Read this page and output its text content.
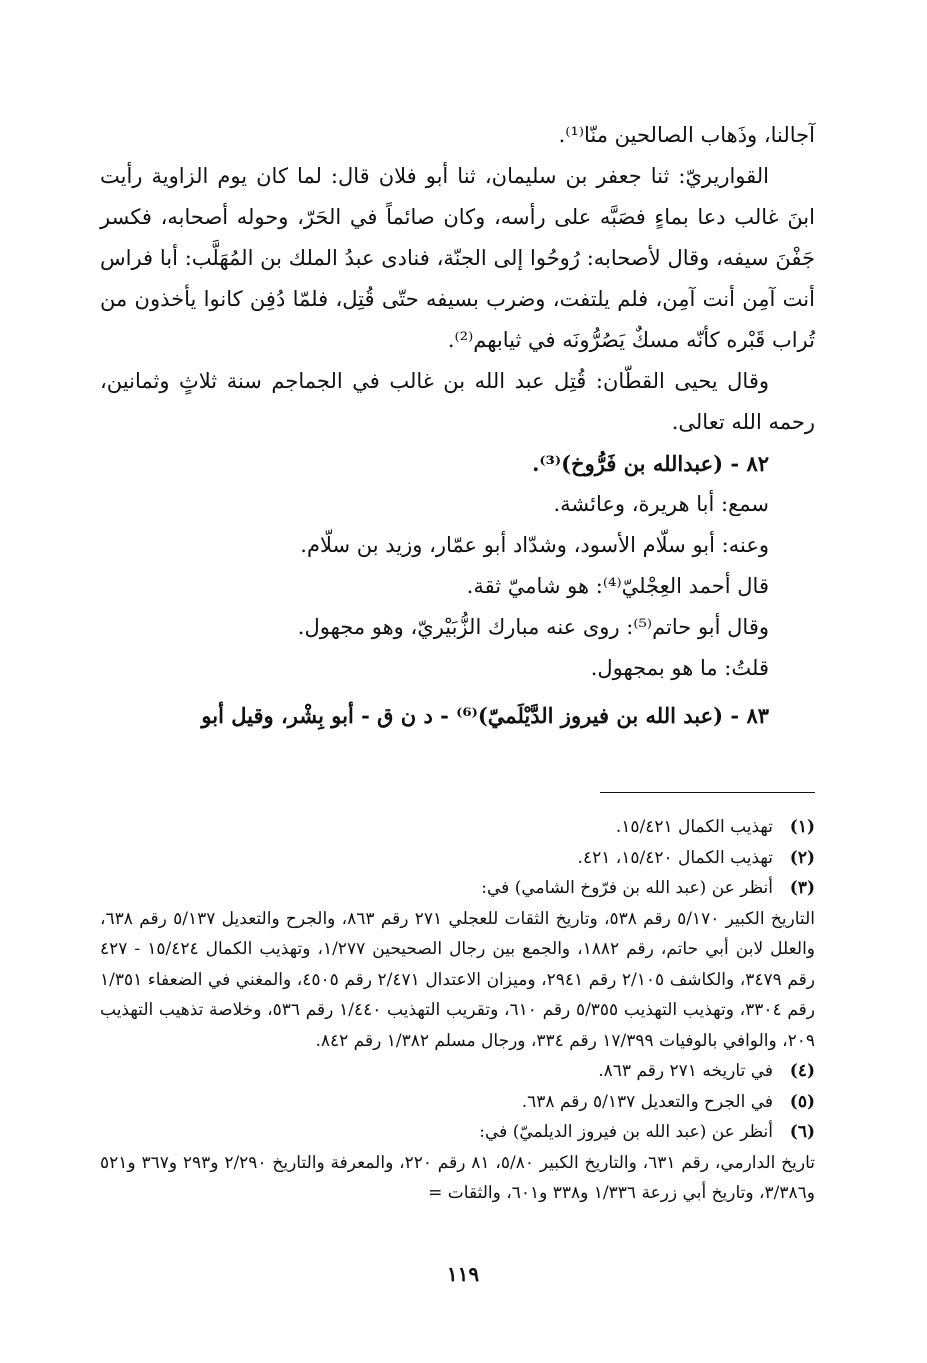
آجالنا، وذَهاب الصالحين منّا⁽¹⁾.

القواريريّ: ثنا جعفر بن سليمان، ثنا أبو فلان قال: لما كان يوم الزاوية رأيت ابنَ غالب دعا بماءٍ فصَبَّه على رأسه، وكان صائماً في الحَرّ، وحوله أصحابه، فكسر جَفْنَ سيفه، وقال لأصحابه: رُوحُوا إلى الجنّة، فنادى عبدُ الملك بن المُهَلَّب: أبا فراس أنت آمِن أنت آمِن، فلم يلتفت، وضرب بسيفه حتّى قُتِل، فلمّا دُفِن كانوا يأخذون من تُراب قَبْره كأنّه مسكٌ يَصُرُّونَه في ثيابهم⁽²⁾.

وقال يحيى القطّان: قُتِل عبد الله بن غالب في الجماجم سنة ثلاثٍ وثمانين، رحمه الله تعالى.

٨٢ - (عبدالله بن فَرُّوخ)⁽³⁾.

سمع: أبا هريرة، وعائشة.

وعنه: أبو سلّام الأسود، وشدّاد أبو عمّار، وزيد بن سلّام.

قال أحمد العِجْليّ⁽⁴⁾: هو شاميّ ثقة.

وقال أبو حاتم⁽⁵⁾: روى عنه مبارك الزُّبَيْريّ، وهو مجهول.

قلتُ: ما هو بمجهول.

٨٣ - (عبد الله بن فيروز الدَّيْلَميّ)⁽⁶⁾ - د ن ق - أبو بِشْر، وقيل أبو

(١)
تهذيب الكمال ١٥/٤٢١.

(٢)
تهذيب الكمال ١٥/٤٢٠، ٤٢١.

(٣)
أنظر عن (عبد الله بن فرّوخ الشامي) في:

التاريخ الكبير ٥/١٧٠ رقم ٥٣٨، وتاريخ الثقات للعجلي ٢٧١ رقم ٨٦٣، والجرح والتعديل ٥/١٣٧ رقم ٦٣٨، والعلل لابن أبي حاتم، رقم ١٨٨٢، والجمع بين رجال الصحيحين ١/٢٧٧، وتهذيب الكمال ١٥/٤٢٤ - ٤٢٧ رقم ٣٤٧٩، والكاشف ٢/١٠٥ رقم ٢٩٤١، وميزان الاعتدال ٢/٤٧١ رقم ٤٥٠٥، والمغني في الضعفاء ١/٣٥١ رقم ٣٣٠٤، وتهذيب التهذيب ٥/٣٥٥ رقم ٦١٠، وتقريب التهذيب ١/٤٤٠ رقم ٥٣٦، وخلاصة تذهيب التهذيب ٢٠٩، والوافي بالوفيات ١٧/٣٩٩ رقم ٣٣٤، ورجال مسلم ١/٣٨٢ رقم ٨٤٢.

(٤)
في تاريخه ٢٧١ رقم ٨٦٣.

(٥)
في الجرح والتعديل ٥/١٣٧ رقم ٦٣٨.

(٦)
أنظر عن (عبد الله بن فيروز الديلميّ) في:

تاريخ الدارمي، رقم ٦٣١، والتاريخ الكبير ٥/٨٠، ٨١ رقم ٢٢٠، والمعرفة والتاريخ ٢/٢٩٠ و٢٩٣ و٣٦٧ و٥٢١ و٣/٣٨٦، وتاريخ أبي زرعة ١/٣٣٦ و٣٣٨ و٦٠١، والثقات =

١١٩
